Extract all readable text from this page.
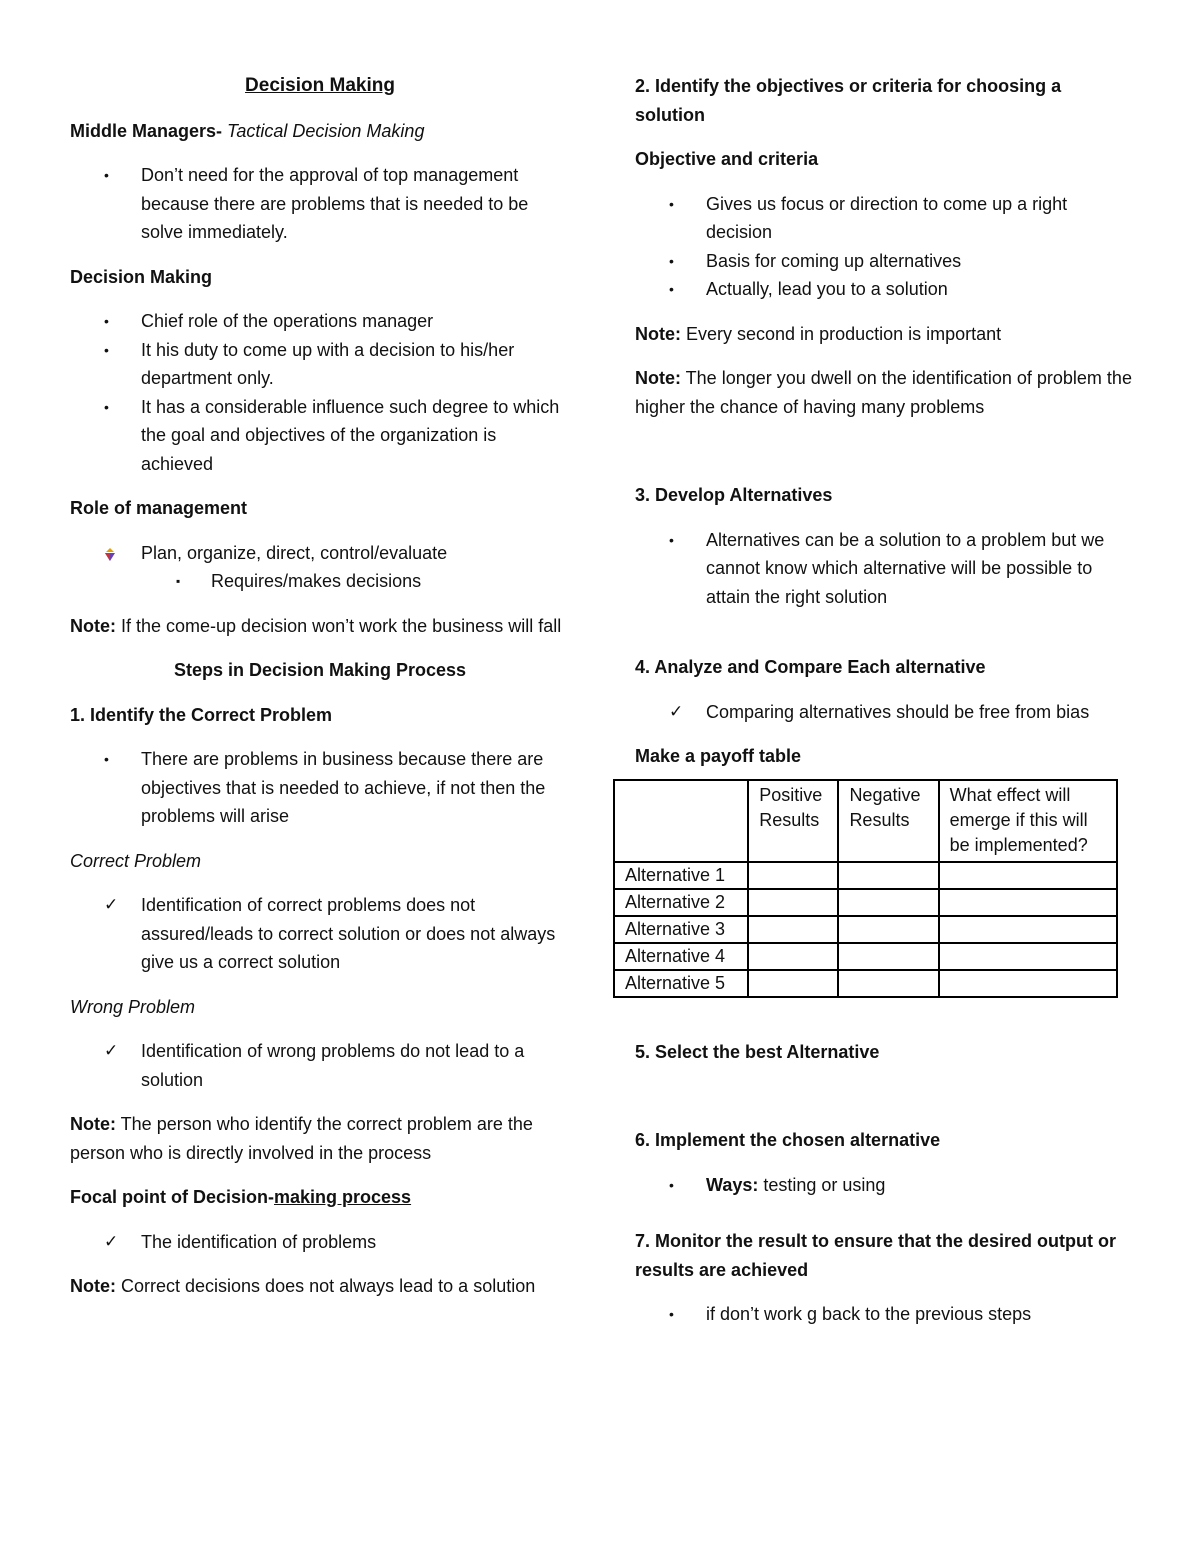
Decision Making

Middle Managers- Tactical Decision Making

•	Don’t need for the approval of top management because there are problems that is needed to be solve immediately.

Decision Making

•	Chief role of the operations manager
•	It his duty to come up with a decision to his/her department only.
•	It has a considerable influence such degree to which the goal and objectives of the organization is achieved

Role of management

Plan, organize, direct, control/evaluate
▪	Requires/makes decisions

Note: If the come-up decision won’t work the business will fall

Steps in Decision Making Process

1. Identify the Correct Problem

•	There are problems in business because there are objectives that is needed to achieve, if not then the problems will arise

Correct Problem

✓	Identification of correct problems does not assured/leads to correct solution or does not always give us a correct solution

Wrong Problem

✓	Identification of wrong problems do not lead to a solution

Note: The person who identify the correct problem are the person who is directly involved in the process

Focal point of Decision-making process

✓	The identification of problems

Note: Correct decisions does not always lead to a solution

2. Identify the objectives or criteria for choosing a solution

Objective and criteria

•	Gives us focus or direction to come up a right decision
•	Basis for coming up alternatives
•	Actually, lead you to a solution

Note: Every second in production is important

Note: The longer you dwell on the identification of problem the higher the chance of having many problems

3. Develop Alternatives

•	Alternatives can be a solution to a problem but we cannot know which alternative will be possible to attain the right solution

4. Analyze and Compare Each alternative

✓	Comparing alternatives should be free from bias

Make a payoff table

	Positive Results	Negative Results	What effect will emerge if this will be implemented?
Alternative 1			
Alternative 2			
Alternative 3			
Alternative 4			
Alternative 5			

5. Select the best Alternative

6. Implement the chosen alternative

•	Ways: testing or using

7. Monitor the result to ensure that the desired output or results are achieved

•	if don’t work g back to the previous steps
